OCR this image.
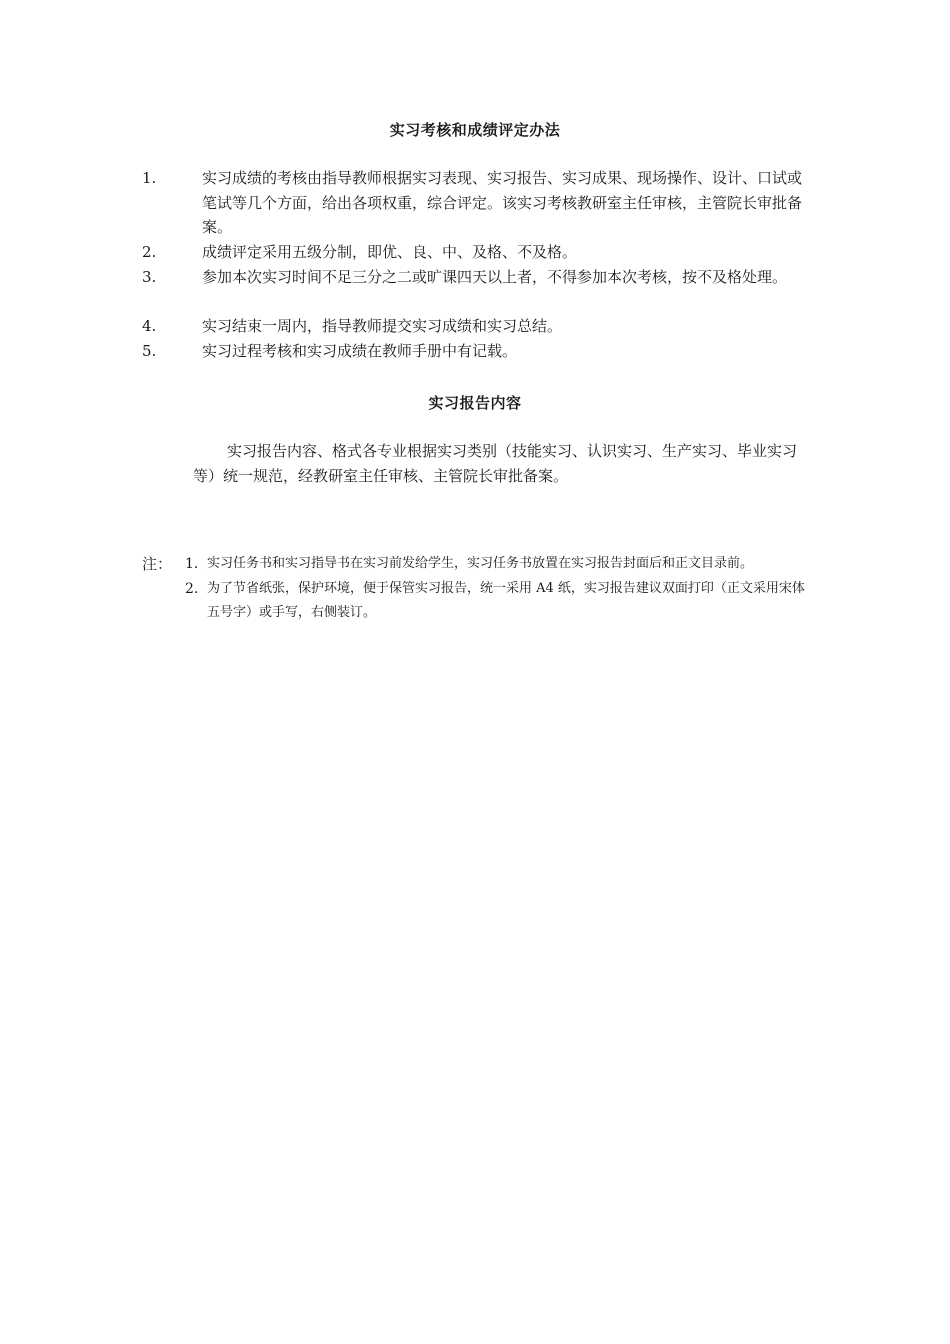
实习考核和成绩评定办法
1.	实习成绩的考核由指导教师根据实习表现、实习报告、实习成果、现场操作、设计、口试或笔试等几个方面，给出各项权重，综合评定。该实习考核教研室主任审核，主管院长审批备案。
2.	成绩评定采用五级分制，即优、良、中、及格、不及格。
3.	参加本次实习时间不足三分之二或旷课四天以上者，不得参加本次考核，按不及格处理。
4.	实习结束一周内，指导教师提交实习成绩和实习总结。
5.	实习过程考核和实习成绩在教师手册中有记载。
实习报告内容
实习报告内容、格式各专业根据实习类别（技能实习、认识实习、生产实习、毕业实习等）统一规范，经教研室主任审核、主管院长审批备案。
注： 1. 实习任务书和实习指导书在实习前发给学生，实习任务书放置在实习报告封面后和正文目录前。
2. 为了节省纸张，保护环境，便于保管实习报告，统一采用 A4 纸，实习报告建议双面打印（正文采用宋体五号字）或手写，右侧装订。
